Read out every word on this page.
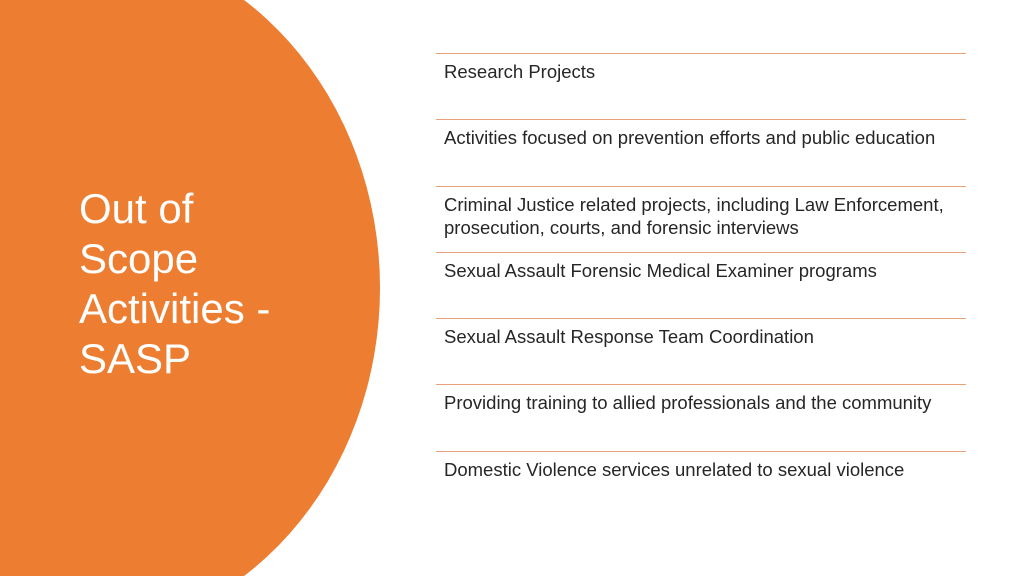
Out of
Scope
Activities -
SASP
Research Projects
Activities focused on prevention efforts and public education
Criminal Justice related projects, including Law Enforcement, prosecution, courts, and forensic interviews
Sexual Assault Forensic Medical Examiner programs
Sexual Assault Response Team Coordination
Providing training to allied professionals and the community
Domestic Violence services unrelated to sexual violence
